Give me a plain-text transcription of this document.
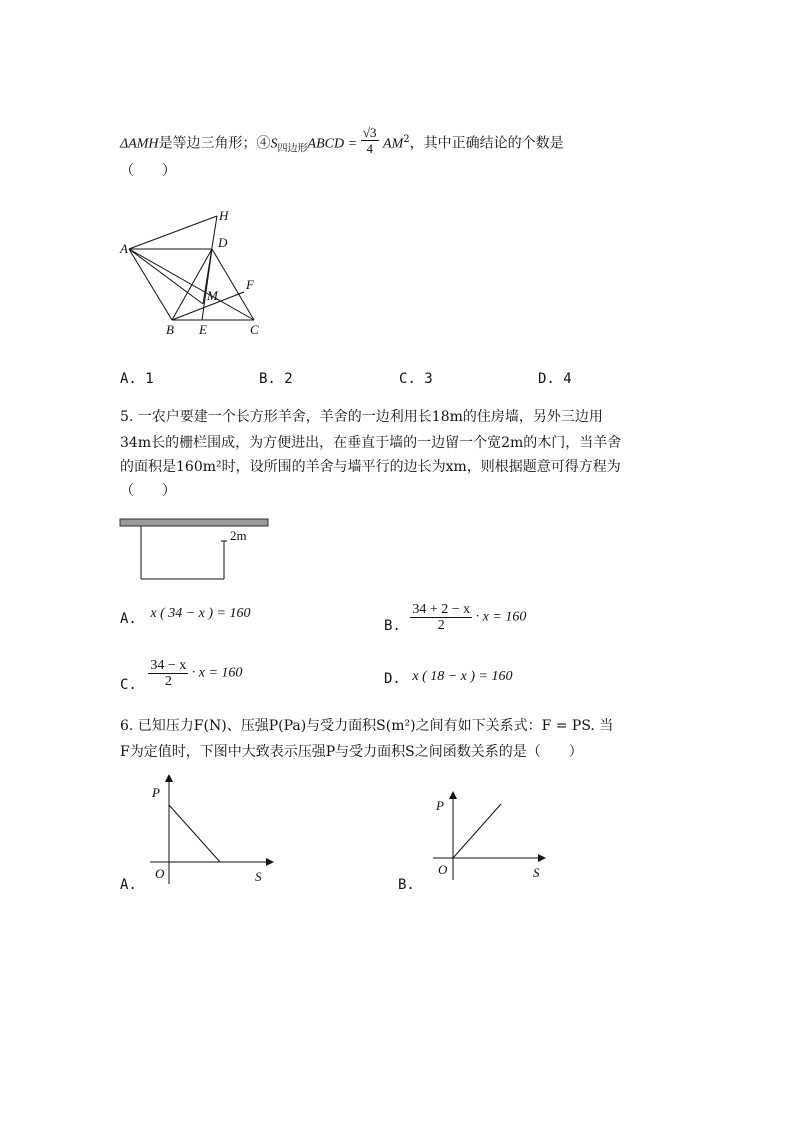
ΔAMH是等边三角形；$④S_{四边形}ABCD = \frac{√3}{4} AM^2$，其中正确结论的个数是
（　　）
A
H
D
F
M
B E	C
A. 1	B. 2	C. 3	D. 4
5. 一农户要建一个长方形羊舍，羊舍的一边利用长18m的住房墙，另外三边用
34m长的栅栏围成，为方便进出，在垂直于墙的一边留一个宽2m的木门，当羊舍
的面积是160m²时，设所围的羊舍与墙平行的边长为xm，则根据题意可得方程为
（　　）
2m
A. x ( 34 − x ) = 160
B. $\frac{34 + 2 - x}{2} \cdot x = 160$
C. $\frac{34 - x}{2} \cdot x = 160$	D. x ( 18 − x ) = 160
6. 已知压力F(N)、压强P(Pa)与受力面积S(m²)之间有如下关系式：F = PS. 当
F为定值时，下图中大致表示压强P与受力面积S之间函数关系的是（　　）
P
O	S
A.
P
O	S
B.
